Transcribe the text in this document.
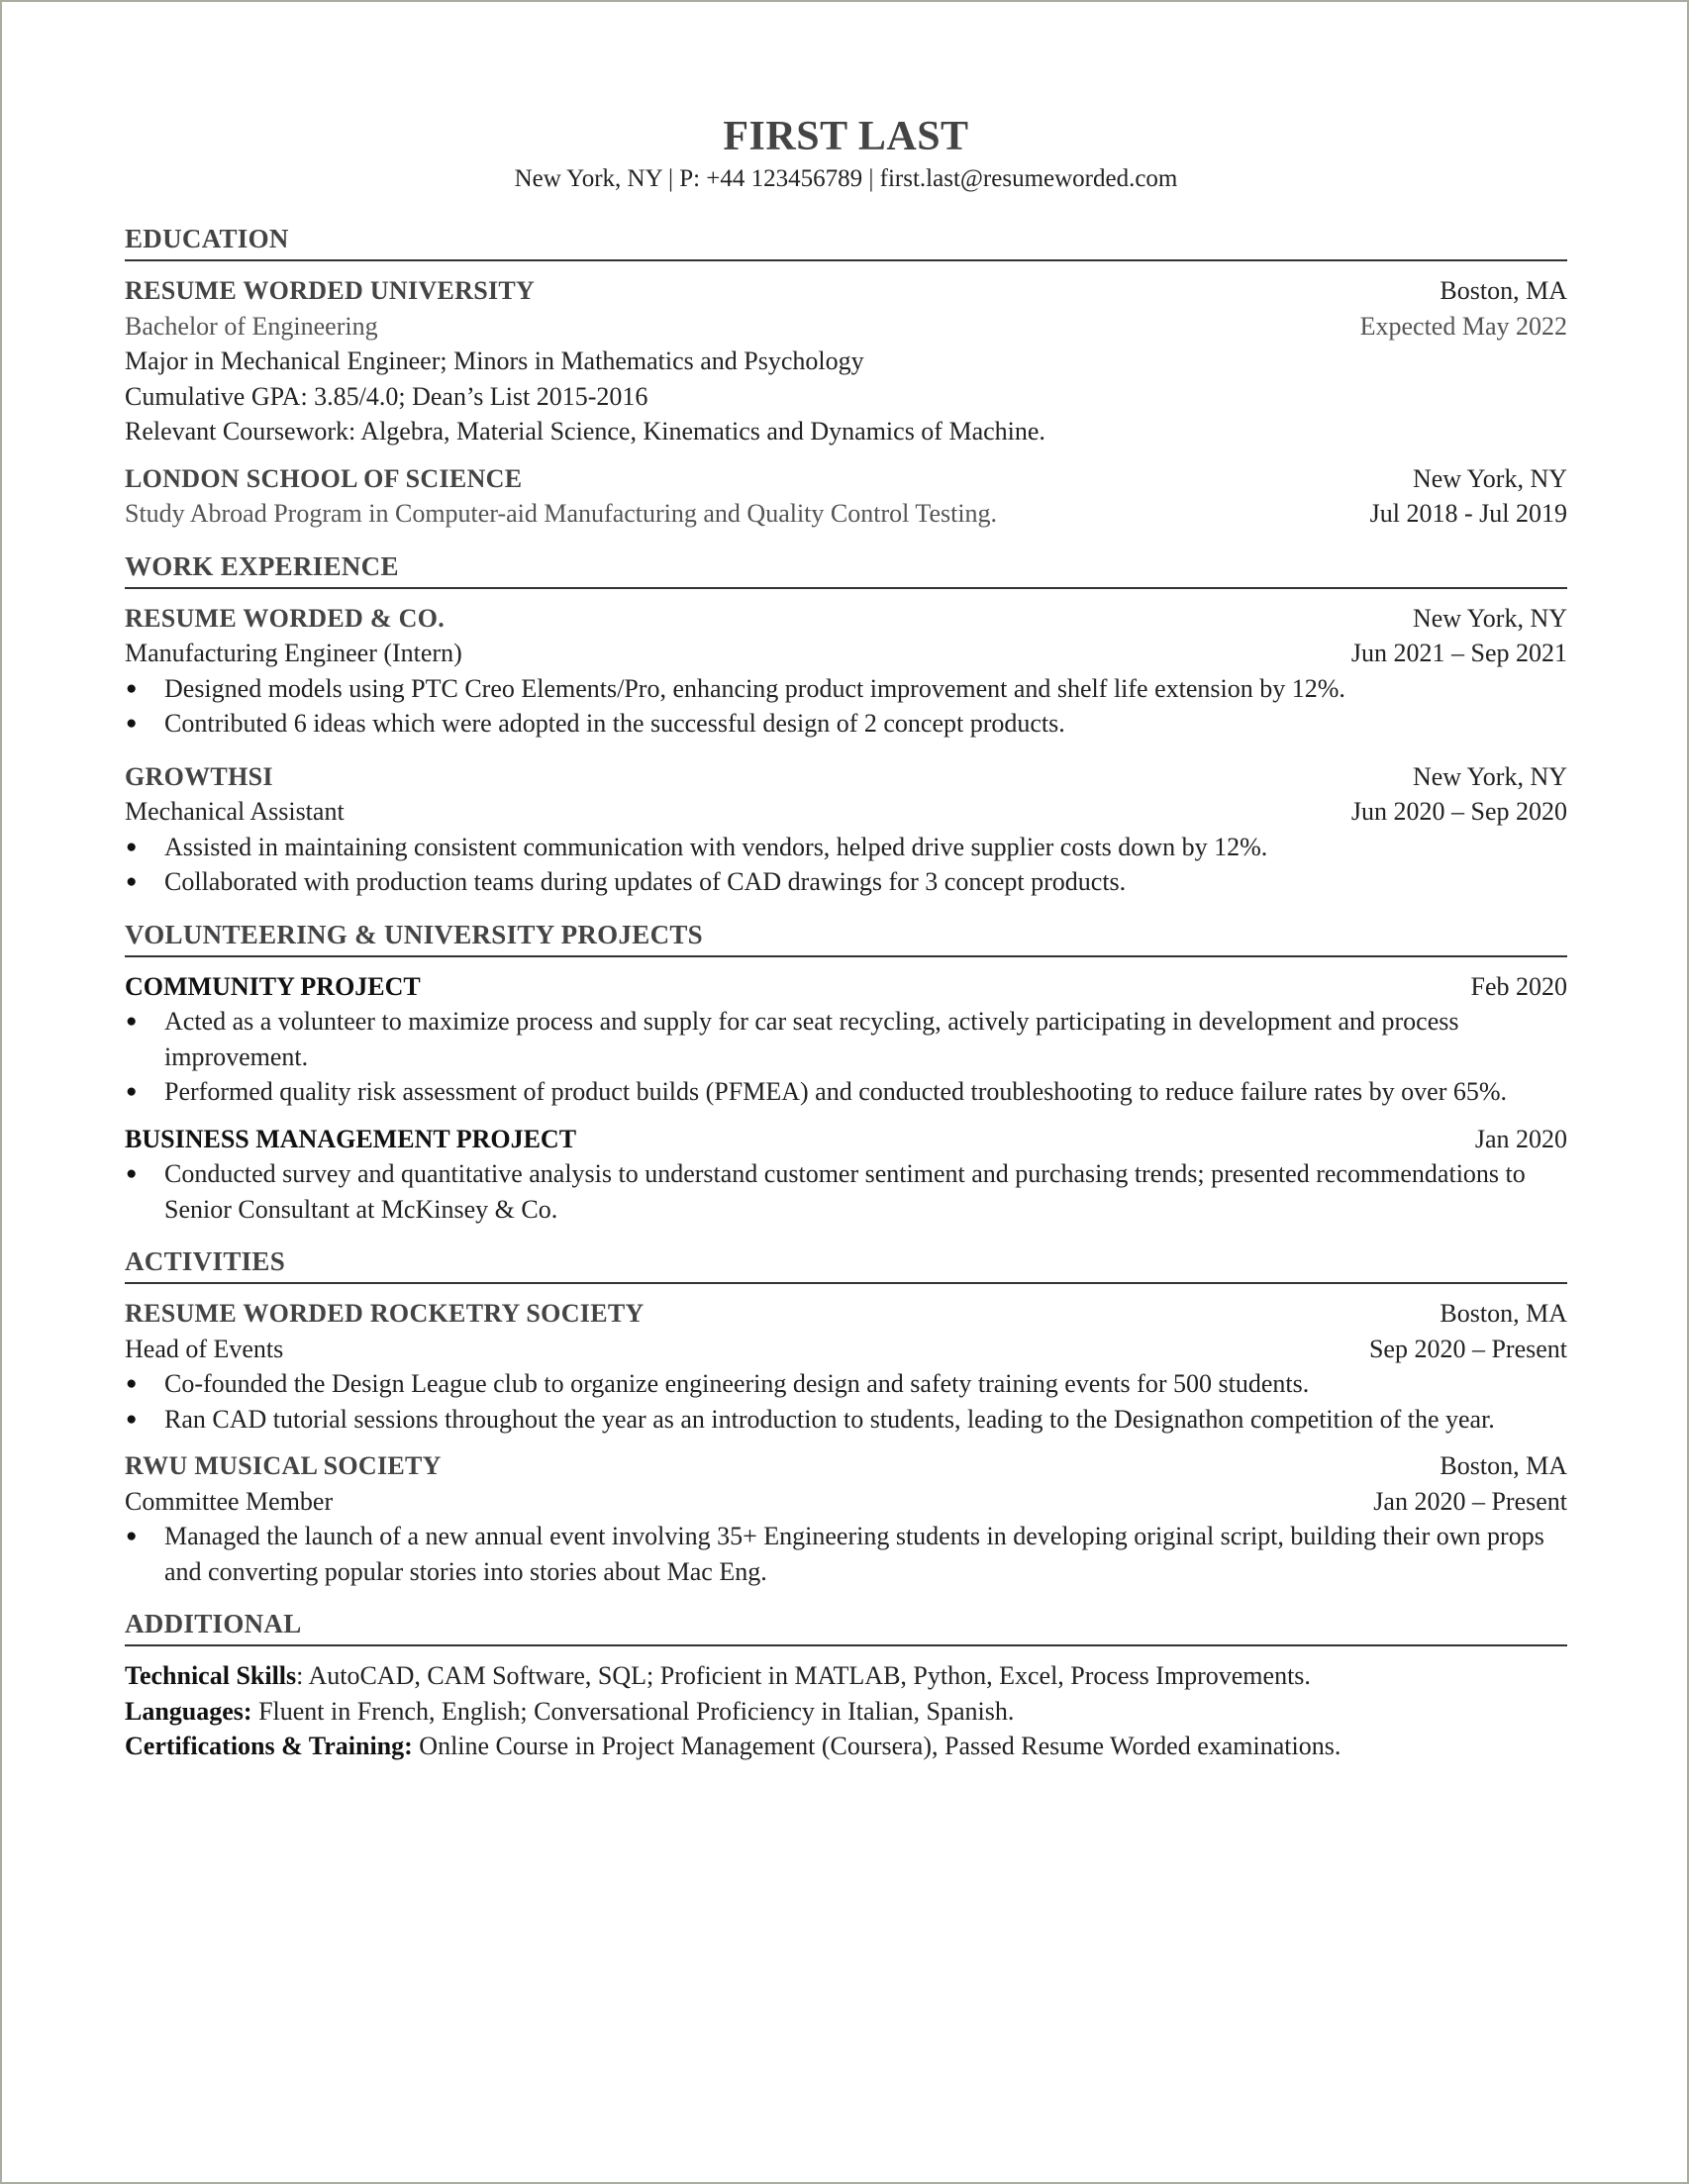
FIRST LAST
New York, NY | P: +44 123456789 | first.last@resumeworded.com
EDUCATION
RESUME WORDED UNIVERSITY	Boston, MA
Bachelor of Engineering	Expected May 2022
Major in Mechanical Engineer; Minors in Mathematics and Psychology
Cumulative GPA: 3.85/4.0; Dean’s List 2015-2016
Relevant Coursework: Algebra, Material Science, Kinematics and Dynamics of Machine.
LONDON SCHOOL OF SCIENCE	New York, NY
Study Abroad Program in Computer-aid Manufacturing and Quality Control Testing.	Jul 2018 - Jul 2019
WORK EXPERIENCE
RESUME WORDED & CO.	New York, NY
Manufacturing Engineer (Intern)	Jun 2021 – Sep 2021
● Designed models using PTC Creo Elements/Pro, enhancing product improvement and shelf life extension by 12%.
● Contributed 6 ideas which were adopted in the successful design of 2 concept products.
GROWTHSI	New York, NY
Mechanical Assistant	Jun 2020 – Sep 2020
● Assisted in maintaining consistent communication with vendors, helped drive supplier costs down by 12%.
● Collaborated with production teams during updates of CAD drawings for 3 concept products.
VOLUNTEERING & UNIVERSITY PROJECTS
COMMUNITY PROJECT	Feb 2020
● Acted as a volunteer to maximize process and supply for car seat recycling, actively participating in development and process improvement.
● Performed quality risk assessment of product builds (PFMEA) and conducted troubleshooting to reduce failure rates by over 65%.
BUSINESS MANAGEMENT PROJECT	Jan 2020
● Conducted survey and quantitative analysis to understand customer sentiment and purchasing trends; presented recommendations to Senior Consultant at McKinsey & Co.
ACTIVITIES
RESUME WORDED ROCKETRY SOCIETY	Boston, MA
Head of Events	Sep 2020 – Present
● Co-founded the Design League club to organize engineering design and safety training events for 500 students.
● Ran CAD tutorial sessions throughout the year as an introduction to students, leading to the Designathon competition of the year.
RWU MUSICAL SOCIETY	Boston, MA
Committee Member	Jan 2020 – Present
● Managed the launch of a new annual event involving 35+ Engineering students in developing original script, building their own props and converting popular stories into stories about Mac Eng.
ADDITIONAL
Technical Skills: AutoCAD, CAM Software, SQL; Proficient in MATLAB, Python, Excel, Process Improvements.
Languages: Fluent in French, English; Conversational Proficiency in Italian, Spanish.
Certifications & Training: Online Course in Project Management (Coursera), Passed Resume Worded examinations.
